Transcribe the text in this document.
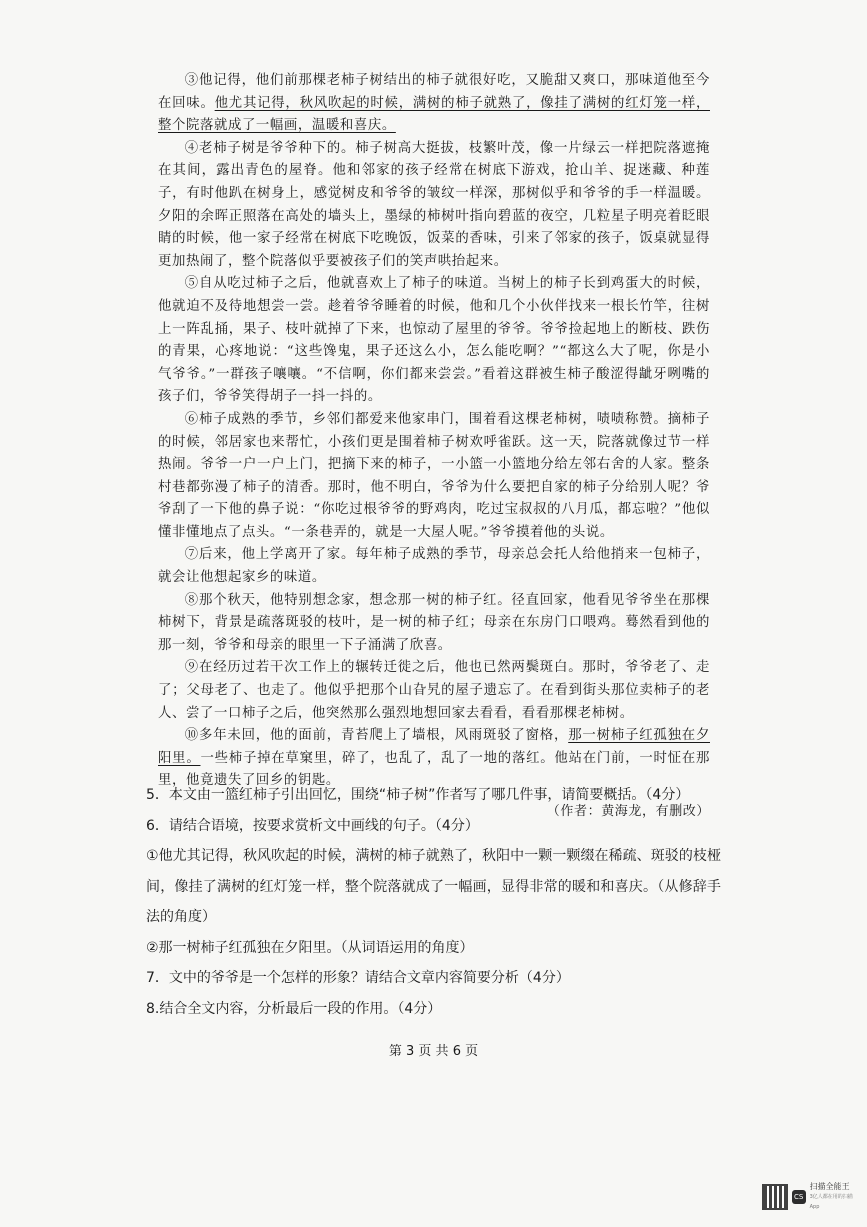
③他记得，他们前那棵老柿子树结出的柿子就很好吃，又脆甜又爽口，那味道他至今在回味。他尤其记得，秋风吹起的时候，满树的柿子就熟了，像挂了满树的红灯笼一样，整个院落就成了一幅画，温暖和喜庆。

④老柿子树是爷爷种下的。柿子树高大挺拔，枝繁叶茂，像一片绿云一样把院落遮掩在其间，露出青色的屋脊。他和邻家的孩子经常在树底下游戏，抢山羊、捉迷藏、种莲子，有时他趴在树身上，感觉树皮和爷爷的皱纹一样深，那树似乎和爷爷的手一样温暖。夕阳的余晖正照落在高处的墙头上，墨绿的柿树叶指向碧蓝的夜空，几粒星子明亮着眨眼睛的时候，他一家子经常在树底下吃晚饭，饭菜的香味，引来了邻家的孩子，饭桌就显得更加热闹了，整个院落似乎要被孩子们的笑声哄抬起来。

⑤自从吃过柿子之后，他就喜欢上了柿子的味道。当树上的柿子长到鸡蛋大的时候，他就迫不及待地想尝一尝。趁着爷爷睡着的时候，他和几个小伙伴找来一根长竹竿，往树上一阵乱捅，果子、枝叶就掉了下来，也惊动了屋里的爷爷。爷爷捡起地上的断枝、跌伤的青果，心疼地说：“这些馋鬼，果子还这么小，怎么能吃啊？”“都这么大了呢，你是小气爷爷。”一群孩子嚷嚷。“不信啊，你们都来尝尝。”看着这群被生柿子酸涩得龇牙咧嘴的孩子们，爷爷笑得胡子一抖一抖的。

⑥柿子成熟的季节，乡邻们都爱来他家串门，围着看这棵老柿树，啧啧称赞。摘柿子的时候，邻居家也来帮忙，小孩们更是围着柿子树欢呼雀跃。这一天，院落就像过节一样热闹。爷爷一户一户上门，把摘下来的柿子，一小篮一小篮地分给左邻右舍的人家。整条村巷都弥漫了柿子的清香。那时，他不明白，爷爷为什么要把自家的柿子分给别人呢？爷爷刮了一下他的鼻子说：“你吃过根爷爷的野鸡肉，吃过宝叔叔的八月瓜，都忘啦？”他似懂非懂地点了点头。“一条巷弄的，就是一大屋人呢。”爷爷摸着他的头说。

⑦后来，他上学离开了家。每年柿子成熟的季节，母亲总会托人给他捎来一包柿子，就会让他想起家乡的味道。

⑧那个秋天，他特别想念家，想念那一树的柿子红。径直回家，他看见爷爷坐在那棵柿树下，背景是疏落斑驳的枝叶，是一树的柿子红；母亲在东房门口喂鸡。蓦然看到他的那一刻，爷爷和母亲的眼里一下子涌满了欣喜。

⑨在经历过若干次工作上的辗转迁徙之后，他也已然两鬓斑白。那时，爷爷老了、走了；父母老了、也走了。他似乎把那个山旮旯的屋子遗忘了。在看到街头那位卖柿子的老人、尝了一口柿子之后，他突然那么强烈地想回家去看看，看看那棵老柿树。

⑩多年未回，他的面前，青苔爬上了墙根，风雨斑驳了窗格，那一树柿子红孤独在夕阳里。一些柿子掉在草窠里，碎了，也乱了，乱了一地的落红。他站在门前，一时怔在那里，他竟遗失了回乡的钥匙。

（作者：黄海龙，有删改）

5．本文由一篮红柿子引出回忆，围绕“柿子树”作者写了哪几件事，请简要概括。（4分）

6．请结合语境，按要求赏析文中画线的句子。（4分）

①他尤其记得，秋风吹起的时候，满树的柿子就熟了，秋阳中一颗一颗缀在稀疏、斑驳的枝桠间，像挂了满树的红灯笼一样，整个院落就成了一幅画，显得非常的暖和和喜庆。（从修辞手法的角度）

②那一树柿子红孤独在夕阳里。（从词语运用的角度）

7．文中的爷爷是一个怎样的形象？请结合文章内容简要分析（4分）

8.结合全文内容，分析最后一段的作用。（4分）

第 3 页 共 6 页
CS
扫描全能王
3亿人都在用的扫描App
